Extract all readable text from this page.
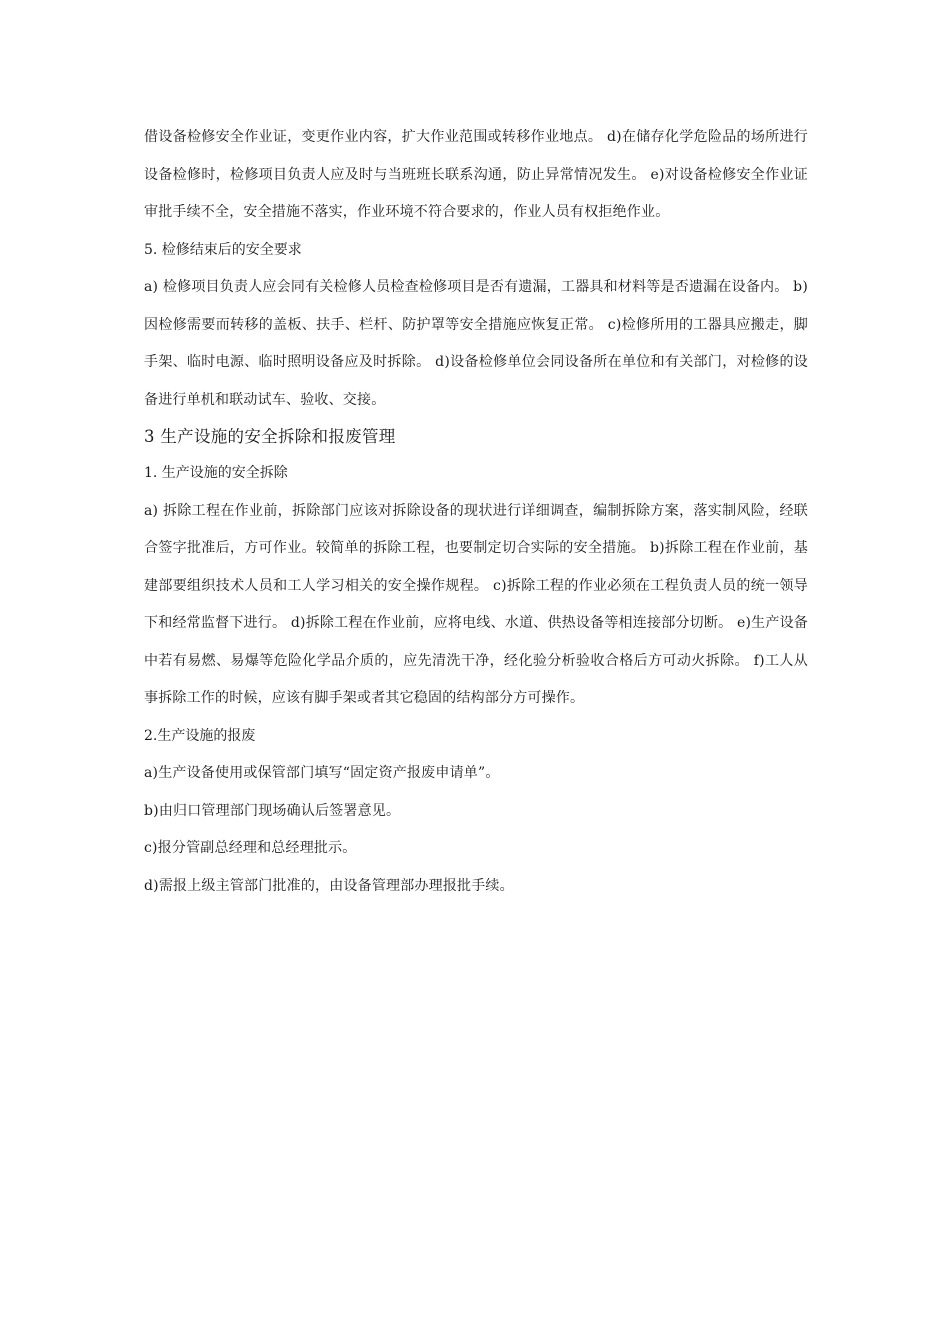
借设备检修安全作业证，变更作业内容，扩大作业范围或转移作业地点。 d)在储存化学危险品的场所进行设备检修时，检修项目负责人应及时与当班班长联系沟通，防止异常情况发生。 e)对设备检修安全作业证审批手续不全，安全措施不落实，作业环境不符合要求的，作业人员有权拒绝作业。

5. 检修结束后的安全要求

a) 检修项目负责人应会同有关检修人员检查检修项目是否有遗漏，工器具和材料等是否遗漏在设备内。 b)因检修需要而转移的盖板、扶手、栏杆、防护罩等安全措施应恢复正常。 c)检修所用的工器具应搬走，脚手架、临时电源、临时照明设备应及时拆除。 d)设备检修单位会同设备所在单位和有关部门，对检修的设备进行单机和联动试车、验收、交接。

3 生产设施的安全拆除和报废管理

1. 生产设施的安全拆除

a) 拆除工程在作业前，拆除部门应该对拆除设备的现状进行详细调查，编制拆除方案，落实制风险，经联合签字批准后，方可作业。较简单的拆除工程，也要制定切合实际的安全措施。 b)拆除工程在作业前，基建部要组织技术人员和工人学习相关的安全操作规程。 c)拆除工程的作业必须在工程负责人员的统一领导下和经常监督下进行。 d)拆除工程在作业前，应将电线、水道、供热设备等相连接部分切断。 e)生产设备中若有易燃、易爆等危险化学品介质的，应先清洗干净，经化验分析验收合格后方可动火拆除。 f)工人从事拆除工作的时候，应该有脚手架或者其它稳固的结构部分方可操作。

2.生产设施的报废

a)生产设备使用或保管部门填写“固定资产报废申请单”。

b)由归口管理部门现场确认后签署意见。

c)报分管副总经理和总经理批示。

d)需报上级主管部门批准的，由设备管理部办理报批手续。
